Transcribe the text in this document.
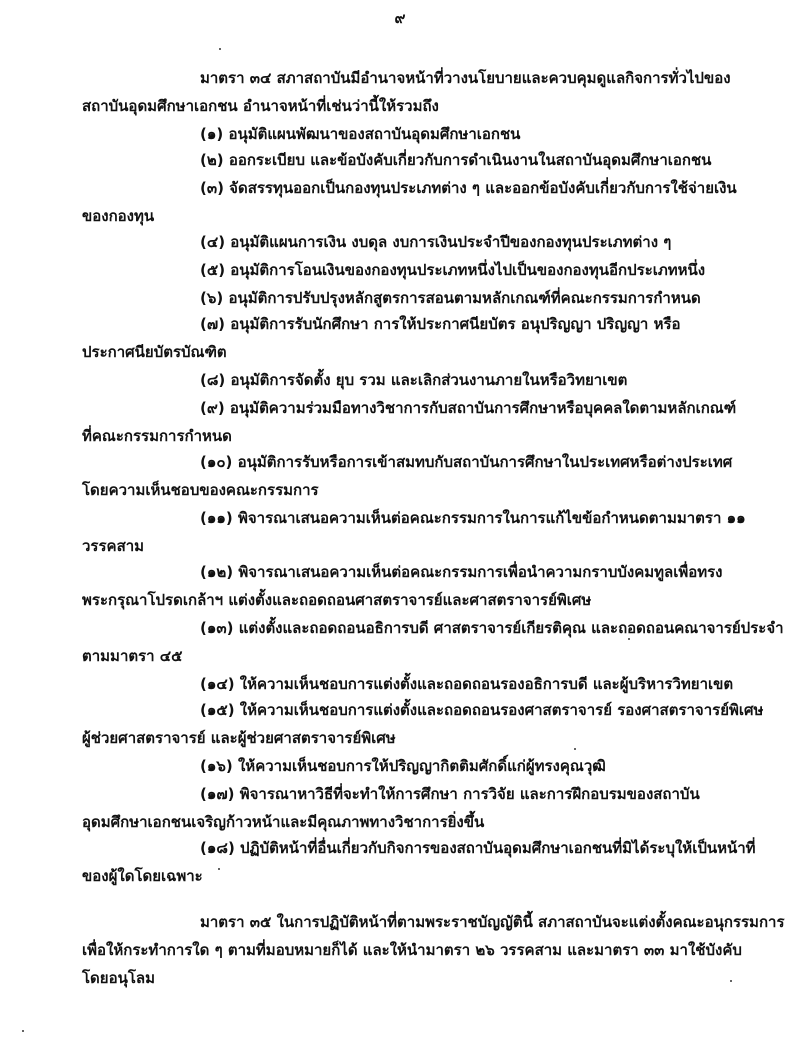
๙
มาตรา ๓๔ สภาสถาบันมีอำนาจหน้าที่วางนโยบายและควบคุมดูแลกิจการทั่วไปของ
สถาบันอุดมศึกษาเอกชน อำนาจหน้าที่เช่นว่านี้ให้รวมถึง
(๑) อนุมัติแผนพัฒนาของสถาบันอุดมศึกษาเอกชน
(๒) ออกระเบียบ และข้อบังคับเกี่ยวกับการดำเนินงานในสถาบันอุดมศึกษาเอกชน
(๓) จัดสรรทุนออกเป็นกองทุนประเภทต่าง ๆ และออกข้อบังคับเกี่ยวกับการใช้จ่ายเงิน
ของกองทุน
(๔) อนุมัติแผนการเงิน งบดุล งบการเงินประจำปีของกองทุนประเภทต่าง ๆ
(๕) อนุมัติการโอนเงินของกองทุนประเภทหนึ่งไปเป็นของกองทุนอีกประเภทหนึ่ง
(๖) อนุมัติการปรับปรุงหลักสูตรการสอนตามหลักเกณฑ์ที่คณะกรรมการกำหนด
(๗) อนุมัติการรับนักศึกษา การให้ประกาศนียบัตร อนุปริญญา ปริญญา หรือ
ประกาศนียบัตรบัณฑิต
(๘) อนุมัติการจัดตั้ง ยุบ รวม และเลิกส่วนงานภายในหรือวิทยาเขต
(๙) อนุมัติความร่วมมือทางวิชาการกับสถาบันการศึกษาหรือบุคคลใดตามหลักเกณฑ์
ที่คณะกรรมการกำหนด
(๑๐) อนุมัติการรับหรือการเข้าสมทบกับสถาบันการศึกษาในประเทศหรือต่างประเทศ
โดยความเห็นชอบของคณะกรรมการ
(๑๑) พิจารณาเสนอความเห็นต่อคณะกรรมการในการแก้ไขข้อกำหนดตามมาตรา ๑๑
วรรคสาม
(๑๒) พิจารณาเสนอความเห็นต่อคณะกรรมการเพื่อนำความกราบบังคมทูลเพื่อทรง
พระกรุณาโปรดเกล้าฯ แต่งตั้งและถอดถอนศาสตราจารย์และศาสตราจารย์พิเศษ
(๑๓) แต่งตั้งและถอดถอนอธิการบดี ศาสตราจารย์เกียรติคุณ และถอดถอนคณาจารย์ประจำ
ตามมาตรา ๔๕
(๑๔) ให้ความเห็นชอบการแต่งตั้งและถอดถอนรองอธิการบดี และผู้บริหารวิทยาเขต
(๑๕) ให้ความเห็นชอบการแต่งตั้งและถอดถอนรองศาสตราจารย์ รองศาสตราจารย์พิเศษ
ผู้ช่วยศาสตราจารย์ และผู้ช่วยศาสตราจารย์พิเศษ
(๑๖) ให้ความเห็นชอบการให้ปริญญากิตติมศักดิ์แก่ผู้ทรงคุณวุฒิ
(๑๗) พิจารณาหาวิธีที่จะทำให้การศึกษา การวิจัย และการฝึกอบรมของสถาบัน
อุดมศึกษาเอกชนเจริญก้าวหน้าและมีคุณภาพทางวิชาการยิ่งขึ้น
(๑๘) ปฏิบัติหน้าที่อื่นเกี่ยวกับกิจการของสถาบันอุดมศึกษาเอกชนที่มิได้ระบุให้เป็นหน้าที่
ของผู้ใดโดยเฉพาะ
มาตรา ๓๕ ในการปฏิบัติหน้าที่ตามพระราชบัญญัตินี้ สภาสถาบันจะแต่งตั้งคณะอนุกรรมการ
เพื่อให้กระทำการใด ๆ ตามที่มอบหมายก็ได้ และให้นำมาตรา ๒๖ วรรคสาม และมาตรา ๓๓ มาใช้บังคับ
โดยอนุโลม
